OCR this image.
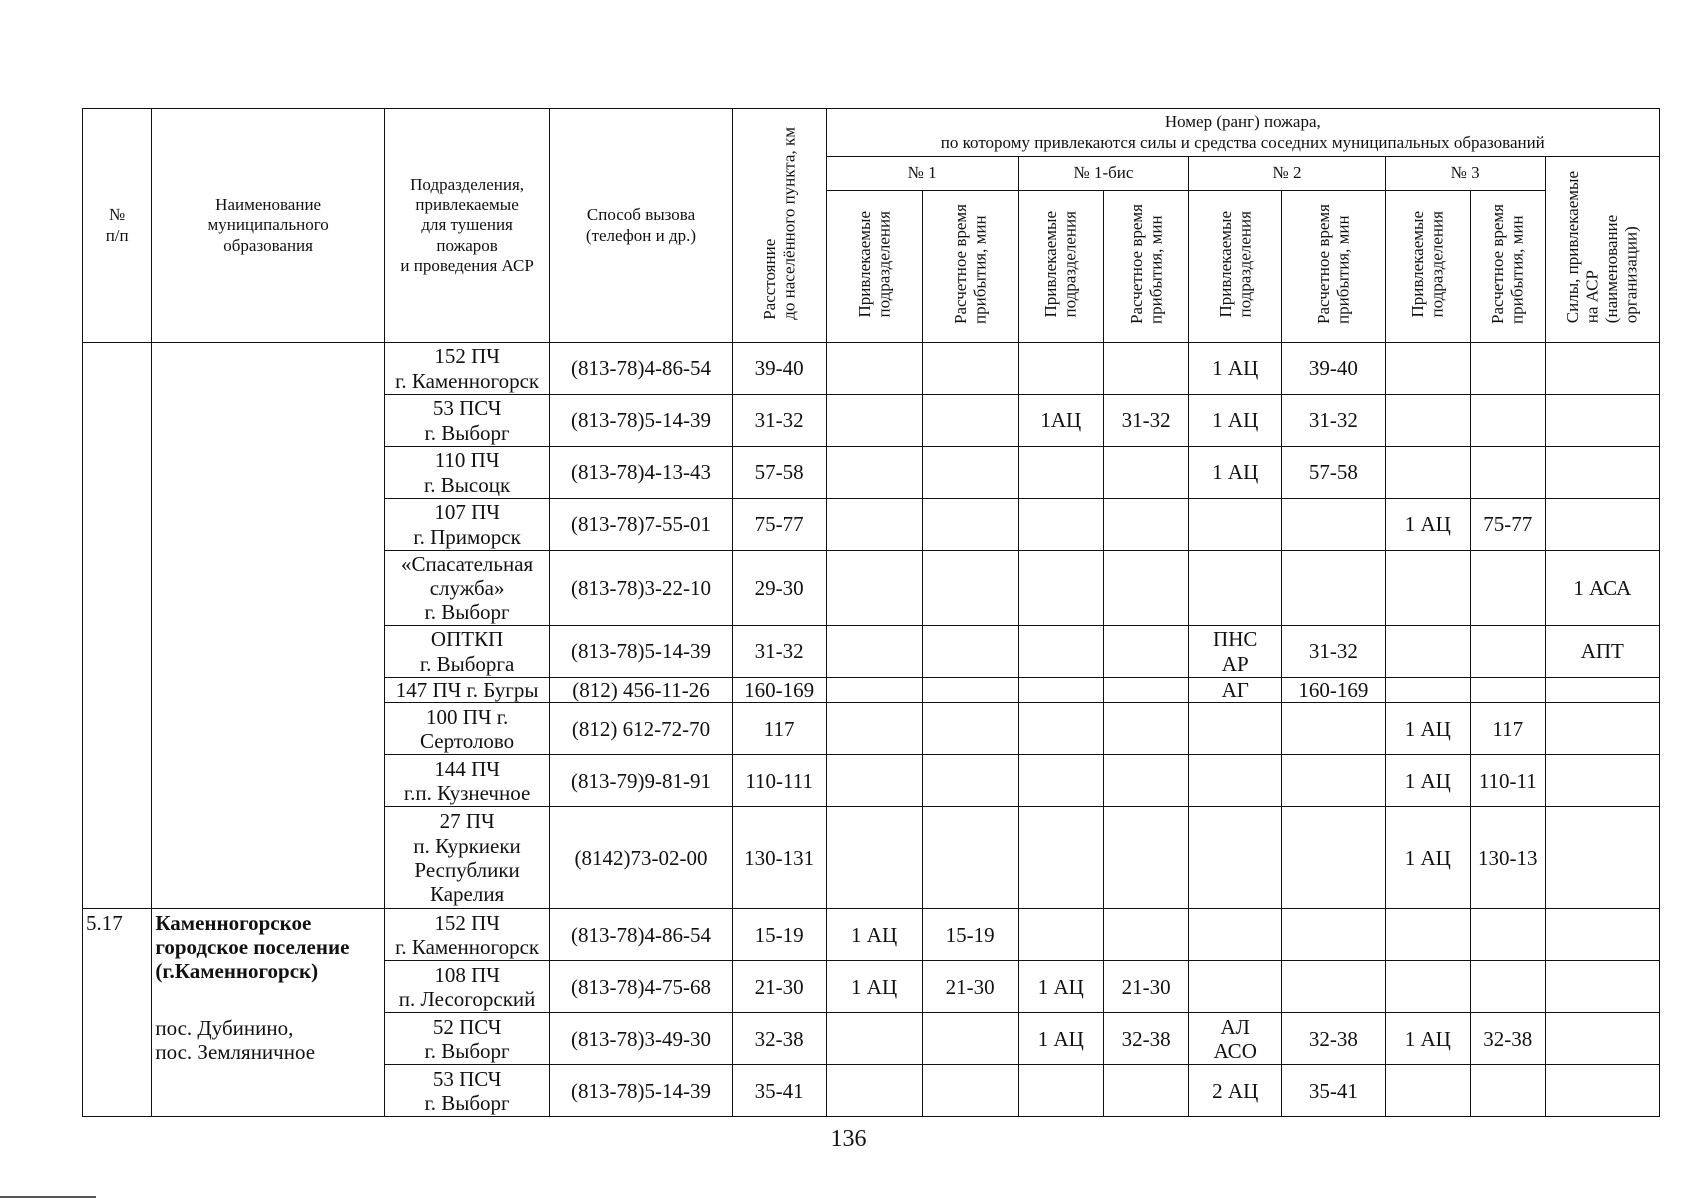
№
п/п	Наименование
муниципального
образования	Подразделения,
привлекаемые
для тушения
пожаров
и проведения АСР	Способ вызова
(телефон и др.)	Расстояние
до населённого пункта, км	Номер (ранг) пожара,
по которому привлекаются силы и средства соседних муниципальных образований								

					№ 1		№ 1-бис		№ 2		№ 3		Силы, привлекаемые
на АСР
(наименование
организации)
					Привлекаемые
подразделения	Расчетное время
прибытия, мин	Привлекаемые
подразделения	Расчетное время
прибытия, мин	Привлекаемые
подразделения	Расчетное время
прибытия, мин	Привлекаемые
подразделения	Расчетное время
прибытия, мин	

		152 ПЧ
г. Каменногорск	(813-78)4-86-54	39-40					1 АЦ	39-40			

		53 ПСЧ
г. Выборг	(813-78)5-14-39	31-32			1АЦ	31-32	1 АЦ	31-32			

		110 ПЧ
г. Высоцк	(813-78)4-13-43	57-58					1 АЦ	57-58			

		107 ПЧ
г. Приморск	(813-78)7-55-01	75-77							1 АЦ	75-77	

		«Спасательная
служба»
г. Выборг	(813-78)3-22-10	29-30									1 АСА

		ОПТКП
г. Выборга	(813-78)5-14-39	31-32					ПНС
АР	31-32			АПТ

		147 ПЧ г. Бугры	(812) 456-11-26	160-169					АГ	160-169			

		100 ПЧ г.
Сертолово	(812) 612-72-70	117							1 АЦ	117	

		144 ПЧ
г.п. Кузнечное	(813-79)9-81-91	110-111							1 АЦ	110-11	

		27 ПЧ
п. Куркиеки
Республики
Карелия	(8142)73-02-00	130-131							1 АЦ	130-13	

5.17	Каменногорское
городское поселение
(г.Каменногорск)
пос. Дубинино,
пос. Земляничное	152 ПЧ
г. Каменногорск	(813-78)4-86-54	15-19	1 АЦ	15-19							

		108 ПЧ
п. Лесогорский	(813-78)4-75-68	21-30	1 АЦ	21-30	1 АЦ	21-30					

		52 ПСЧ
г. Выборг	(813-78)3-49-30	32-38			1 АЦ	32-38	АЛ
АСО	32-38	1 АЦ	32-38	

		53 ПСЧ
г. Выборг	(813-78)5-14-39	35-41					2 АЦ	35-41			

136
